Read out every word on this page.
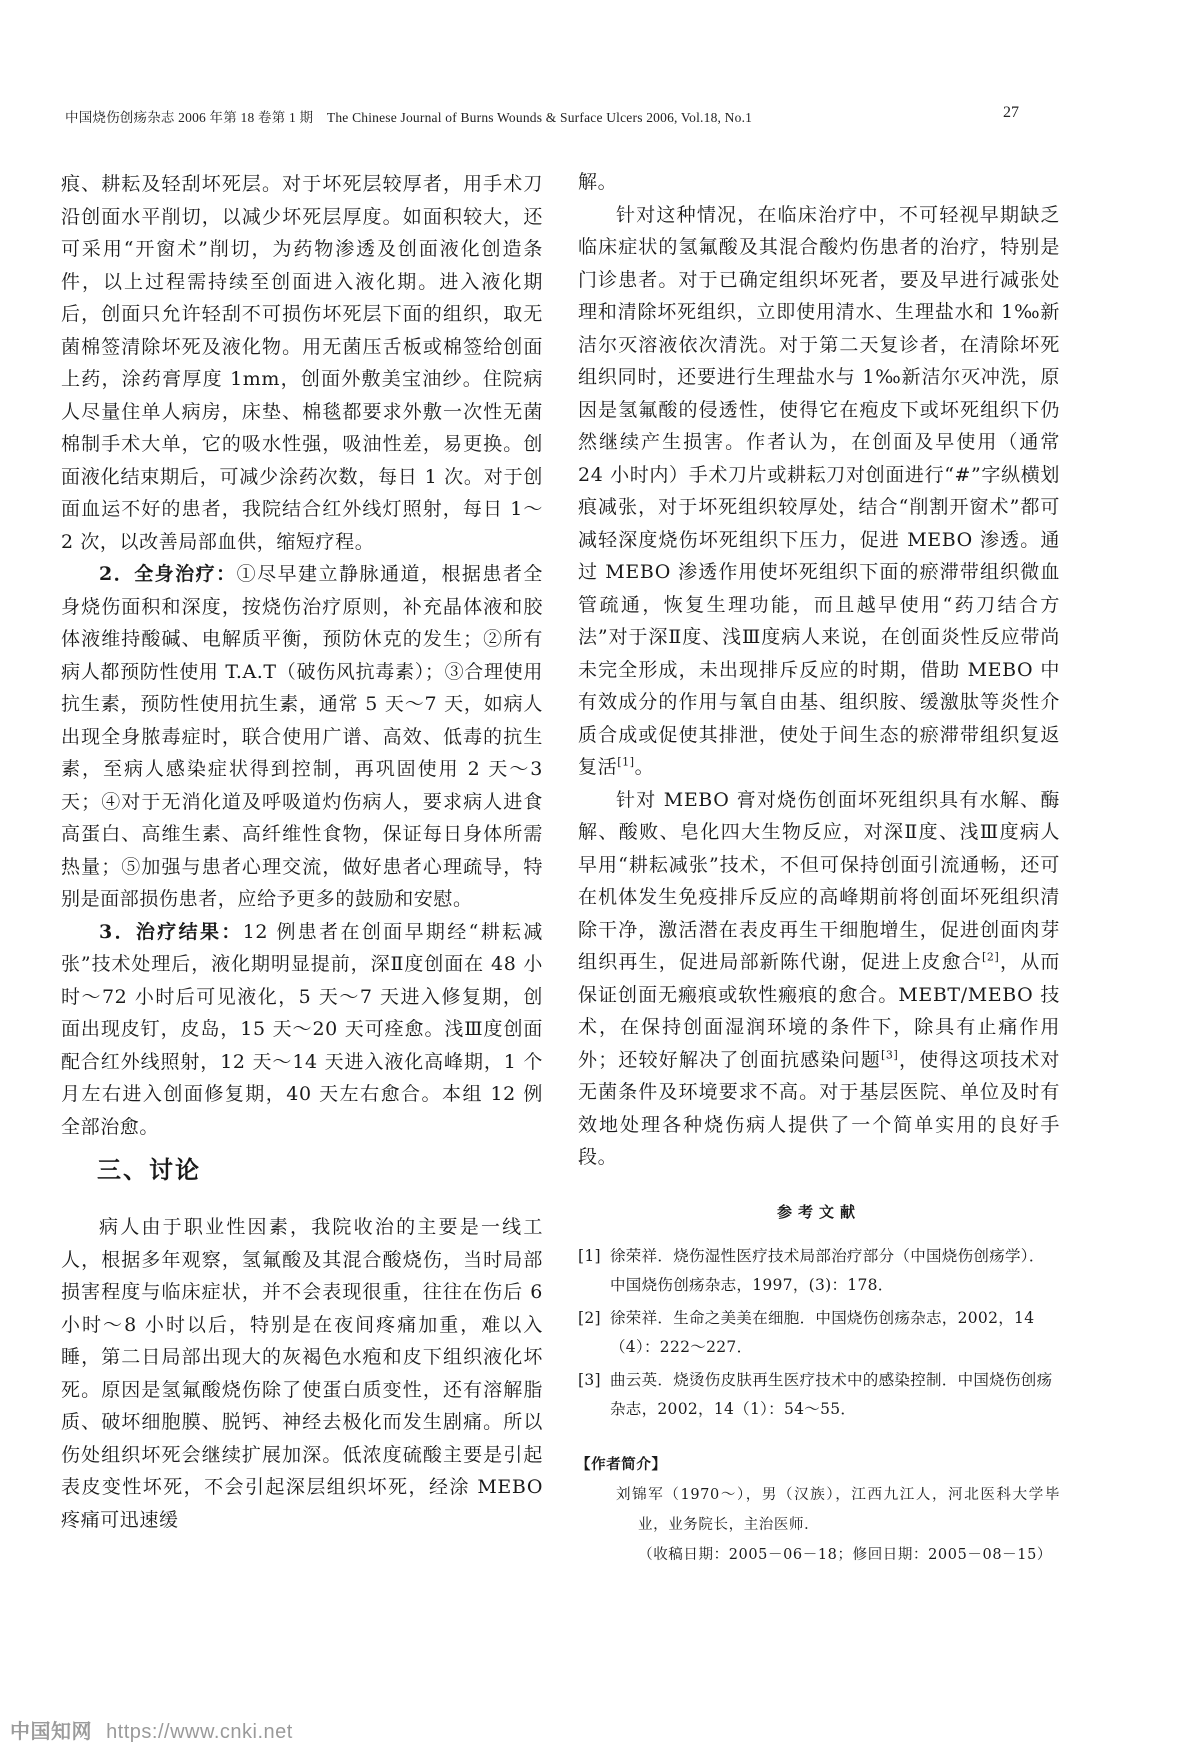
中国烧伤创疡杂志 2006 年第 18 卷第 1 期　The Chinese Journal of Burns Wounds & Surface Ulcers 2006, Vol.18, No.1	27

痕、耕耘及轻刮坏死层。对于坏死层较厚者，用手术刀沿创面水平削切，以减少坏死层厚度。如面积较大，还可采用“开窗术”削切，为药物渗透及创面液化创造条件，以上过程需持续至创面进入液化期。进入液化期后，创面只允许轻刮不可损伤坏死层下面的组织，取无菌棉签清除坏死及液化物。用无菌压舌板或棉签给创面上药，涂药膏厚度 1mm，创面外敷美宝油纱。住院病人尽量住单人病房，床垫、棉毯都要求外敷一次性无菌棉制手术大单，它的吸水性强，吸油性差，易更换。创面液化结束期后，可减少涂药次数，每日 1 次。对于创面血运不好的患者，我院结合红外线灯照射，每日 1～2 次，以改善局部血供，缩短疗程。

2．全身治疗：①尽早建立静脉通道，根据患者全身烧伤面积和深度，按烧伤治疗原则，补充晶体液和胶体液维持酸碱、电解质平衡，预防休克的发生；②所有病人都预防性使用 T.A.T（破伤风抗毒素）；③合理使用抗生素，预防性使用抗生素，通常 5 天～7 天，如病人出现全身脓毒症时，联合使用广谱、高效、低毒的抗生素，至病人感染症状得到控制，再巩固使用 2 天～3 天；④对于无消化道及呼吸道灼伤病人，要求病人进食高蛋白、高维生素、高纤维性食物，保证每日身体所需热量；⑤加强与患者心理交流，做好患者心理疏导，特别是面部损伤患者，应给予更多的鼓励和安慰。

3．治疗结果：12 例患者在创面早期经“耕耘减张”技术处理后，液化期明显提前，深Ⅱ度创面在 48 小时～72 小时后可见液化，5 天～7 天进入修复期，创面出现皮钉，皮岛，15 天～20 天可痊愈。浅Ⅲ度创面配合红外线照射，12 天～14 天进入液化高峰期，1 个月左右进入创面修复期，40 天左右愈合。本组 12 例全部治愈。

三、讨论

病人由于职业性因素，我院收治的主要是一线工人，根据多年观察，氢氟酸及其混合酸烧伤，当时局部损害程度与临床症状，并不会表现很重，往往在伤后 6 小时～8 小时以后，特别是在夜间疼痛加重，难以入睡，第二日局部出现大的灰褐色水疱和皮下组织液化坏死。原因是氢氟酸烧伤除了使蛋白质变性，还有溶解脂质、破坏细胞膜、脱钙、神经去极化而发生剧痛。所以伤处组织坏死会继续扩展加深。低浓度硫酸主要是引起表皮变性坏死，不会引起深层组织坏死，经涂 MEBO 疼痛可迅速缓

解。

针对这种情况，在临床治疗中，不可轻视早期缺乏临床症状的氢氟酸及其混合酸灼伤患者的治疗，特别是门诊患者。对于已确定组织坏死者，要及早进行减张处理和清除坏死组织，立即使用清水、生理盐水和 1‰新洁尔灭溶液依次清洗。对于第二天复诊者，在清除坏死组织同时，还要进行生理盐水与 1‰新洁尔灭冲洗，原因是氢氟酸的侵透性，使得它在疱皮下或坏死组织下仍然继续产生损害。作者认为，在创面及早使用（通常 24 小时内）手术刀片或耕耘刀对创面进行“#”字纵横划痕减张，对于坏死组织较厚处，结合“削割开窗术”都可减轻深度烧伤坏死组织下压力，促进 MEBO 渗透。通过 MEBO 渗透作用使坏死组织下面的瘀滞带组织微血管疏通，恢复生理功能，而且越早使用“药刀结合方法”对于深Ⅱ度、浅Ⅲ度病人来说，在创面炎性反应带尚未完全形成，未出现排斥反应的时期，借助 MEBO 中有效成分的作用与氧自由基、组织胺、缓激肽等炎性介质合成或促使其排泄，使处于间生态的瘀滞带组织复返复活[1]。

针对 MEBO 膏对烧伤创面坏死组织具有水解、酶解、酸败、皂化四大生物反应，对深Ⅱ度、浅Ⅲ度病人早用“耕耘减张”技术，不但可保持创面引流通畅，还可在机体发生免疫排斥反应的高峰期前将创面坏死组织清除干净，激活潜在表皮再生干细胞增生，促进创面肉芽组织再生，促进局部新陈代谢，促进上皮愈合[2]，从而保证创面无瘢痕或软性瘢痕的愈合。MEBT/MEBO 技术，在保持创面湿润环境的条件下，除具有止痛作用外；还较好解决了创面抗感染问题[3]，使得这项技术对无菌条件及环境要求不高。对于基层医院、单位及时有效地处理各种烧伤病人提供了一个简单实用的良好手段。

参考文献
[1] 徐荣祥．烧伤湿性医疗技术局部治疗部分（中国烧伤创疡学）．中国烧伤创疡杂志，1997，(3)：178．
[2] 徐荣祥．生命之美美在细胞．中国烧伤创疡杂志，2002，14（4）：222～227．
[3] 曲云英．烧烫伤皮肤再生医疗技术中的感染控制．中国烧伤创疡杂志，2002，14（1）：54～55．
【作者简介】
刘锦军（1970～），男（汉族），江西九江人，河北医科大学毕业，业务院长，主治医师．
（收稿日期：2005－06－18；修回日期：2005－08－15）
中国知网 https://www.cnki.net
